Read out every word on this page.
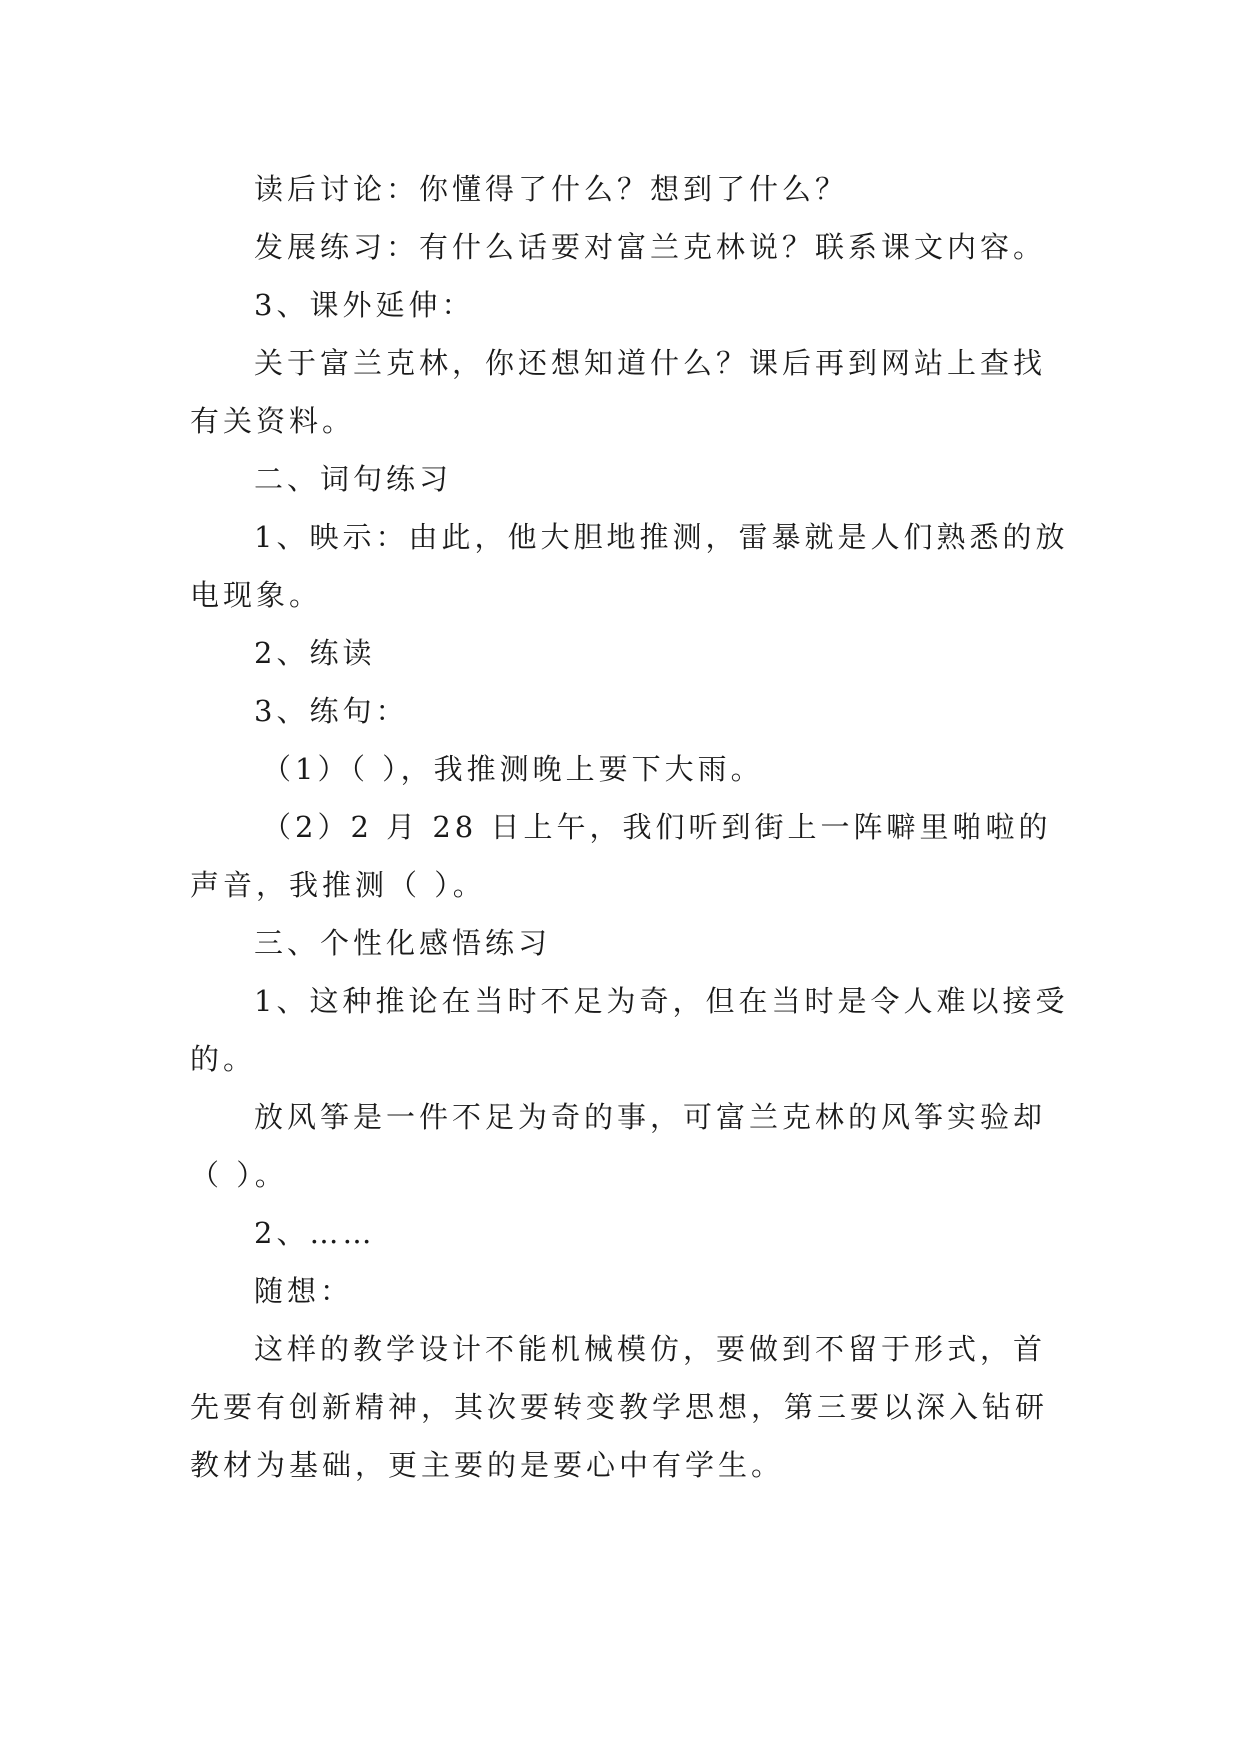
读后讨论：你懂得了什么？想到了什么？

发展练习：有什么话要对富兰克林说？联系课文内容。

3、课外延伸：

关于富兰克林，你还想知道什么？课后再到网站上查找有关资料。

二、词句练习

1、映示：由此，他大胆地推测，雷暴就是人们熟悉的放电现象。

2、练读

3、练句：

（1）（ ），我推测晚上要下大雨。

（2）2 月 28 日上午，我们听到街上一阵噼里啪啦的声音，我推测（ ）。

三、个性化感悟练习

1、这种推论在当时不足为奇，但在当时是令人难以接受的。

放风筝是一件不足为奇的事，可富兰克林的风筝实验却（ ）。

2、……

随想：

这样的教学设计不能机械模仿，要做到不留于形式，首先要有创新精神，其次要转变教学思想，第三要以深入钻研教材为基础，更主要的是要心中有学生。
